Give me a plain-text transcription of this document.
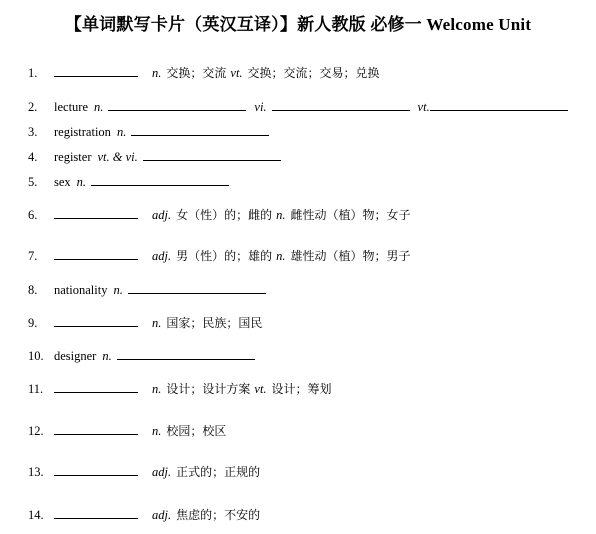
【单词默写卡片（英汉互译）】新人教版 必修一 Welcome Unit
1.	n. 交换；交流 vt. 交换；交流；交易；兑换
2.	lecture n.	vi.	vt.
3.	registration n.
4.	register vt. & vi.
5.	sex n.
6.	adj. 女（性）的；雌的 n. 雌性动（植）物；女子
7.	adj. 男（性）的；雄的 n. 雄性动（植）物；男子
8.	nationality n.
9.	n. 国家；民族；国民
10. designer n.
11.	n. 设计；设计方案 vt. 设计；筹划
12.	n. 校园；校区
13.	adj. 正式的；正规的
14.	adj. 焦虑的；不安的
